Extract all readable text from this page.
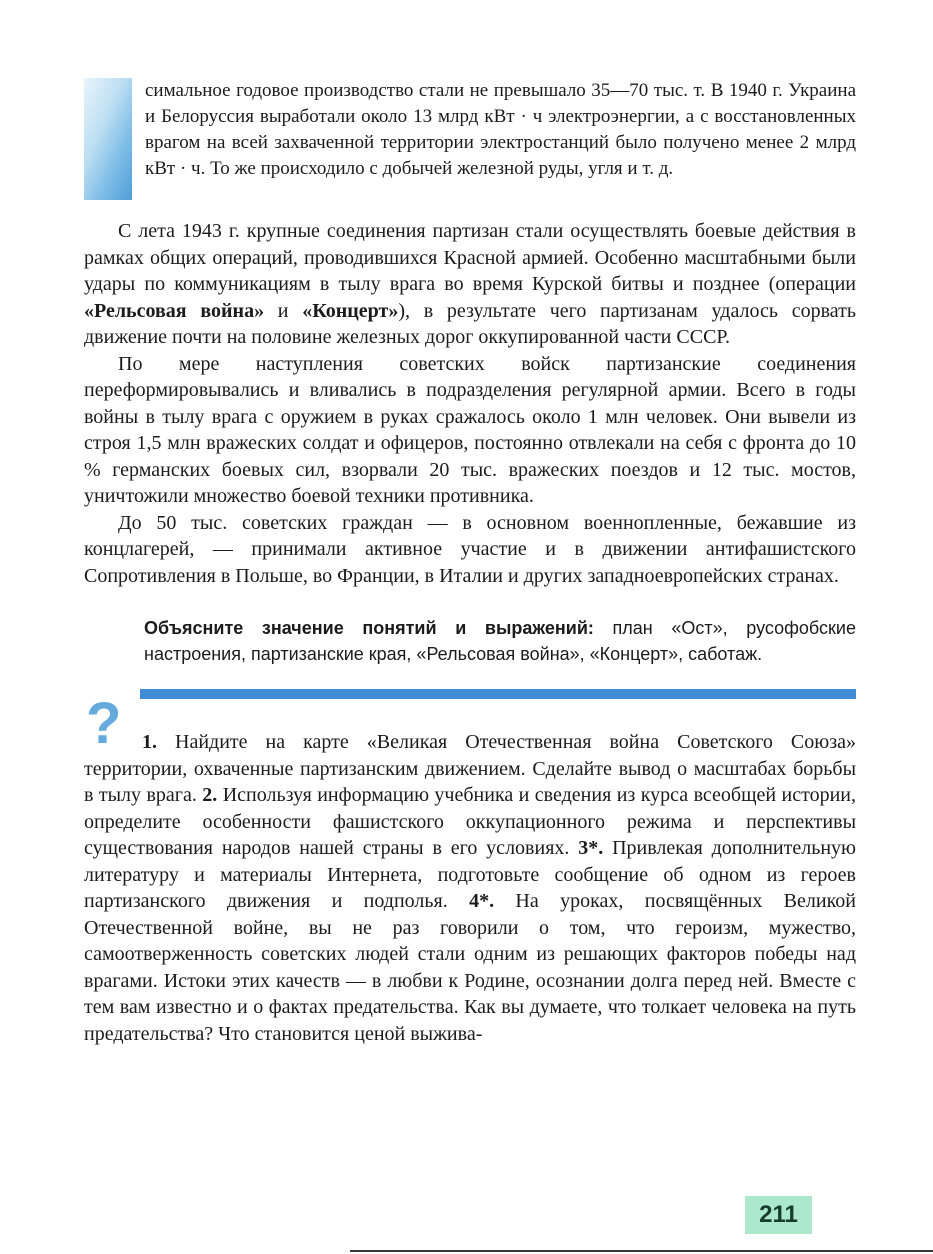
симальное годовое производство стали не превышало 35—70 тыс. т. В 1940 г. Украина и Белоруссия выработали около 13 млрд кВт · ч электроэнергии, а с восстановленных врагом на всей захваченной территории электростанций было получено менее 2 млрд кВт · ч. То же происходило с добычей железной руды, угля и т. д.

С лета 1943 г. крупные соединения партизан стали осуществлять боевые действия в рамках общих операций, проводившихся Красной армией. Особенно масштабными были удары по коммуникациям в тылу врага во время Курской битвы и позднее (операции «Рельсовая война» и «Концерт»), в результате чего партизанам удалось сорвать движение почти на половине железных дорог оккупированной части СССР.

По мере наступления советских войск партизанские соединения переформировывались и вливались в подразделения регулярной армии. Всего в годы войны в тылу врага с оружием в руках сражалось около 1 млн человек. Они вывели из строя 1,5 млн вражеских солдат и офицеров, постоянно отвлекали на себя с фронта до 10 % германских боевых сил, взорвали 20 тыс. вражеских поездов и 12 тыс. мостов, уничтожили множество боевой техники противника.

До 50 тыс. советских граждан — в основном военнопленные, бежавшие из концлагерей, — принимали активное участие и в движении антифашистского Сопротивления в Польше, во Франции, в Италии и других западноевропейских странах.

Объясните значение понятий и выражений: план «Ост», русофобские настроения, партизанские края, «Рельсовая война», «Концерт», саботаж.

?	1. Найдите на карте «Великая Отечественная война Советского Союза» территории, охваченные партизанским движением. Сделайте вывод о масштабах борьбы в тылу врага. 2. Используя информацию учебника и сведения из курса всеобщей истории, определите особенности фашистского оккупационного режима и перспективы существования народов нашей страны в его условиях. 3*. Привлекая дополнительную литературу и материалы Интернета, подготовьте сообщение об одном из героев партизанского движения и подполья. 4*. На уроках, посвящённых Великой Отечественной войне, вы не раз говорили о том, что героизм, мужество, самоотверженность советских людей стали одним из решающих факторов победы над врагами. Истоки этих качеств — в любви к Родине, осознании долга перед ней. Вместе с тем вам известно и о фактах предательства. Как вы думаете, что толкает человека на путь предательства? Что становится ценой выжива-

211
